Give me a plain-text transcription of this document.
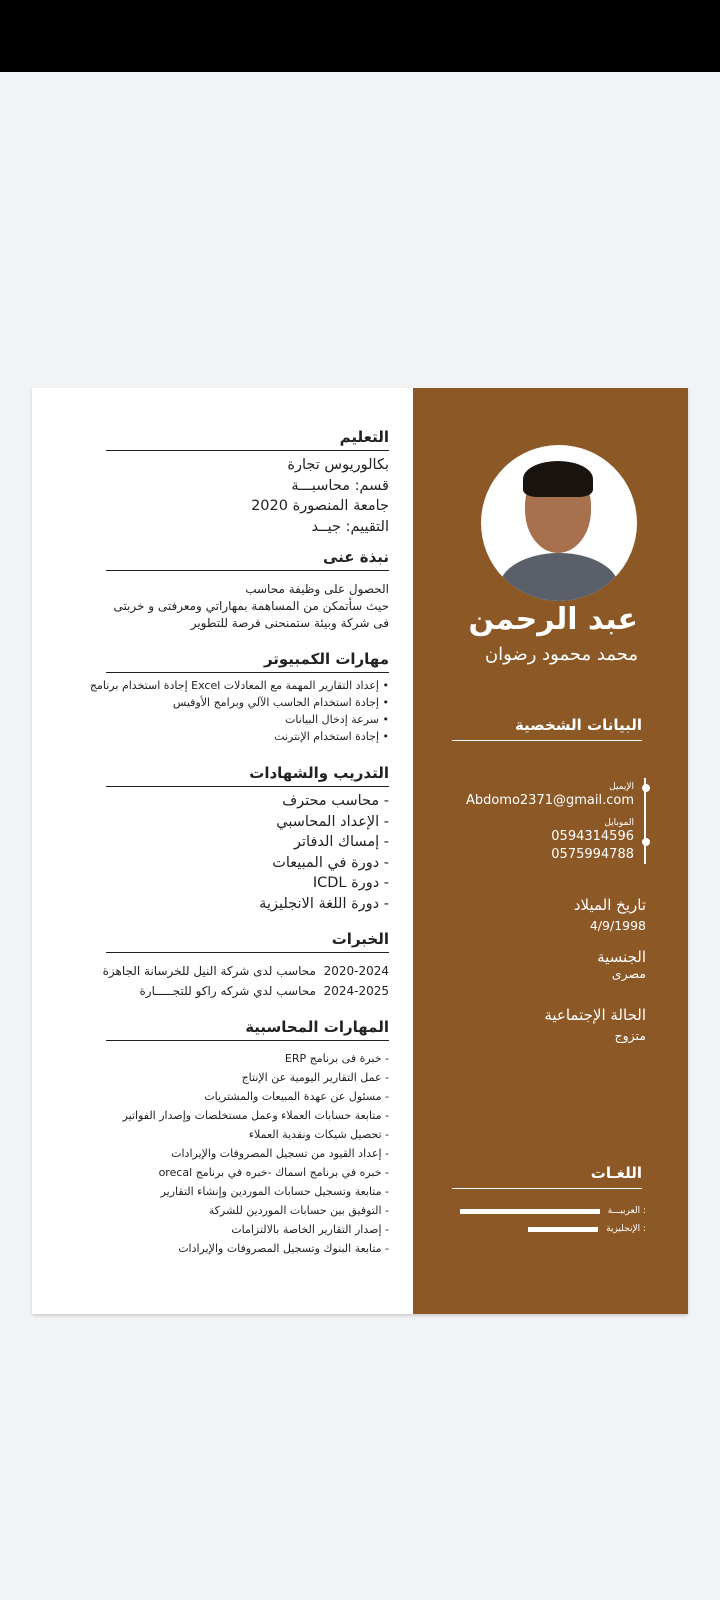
التعليم
بكالوريوس تجارة
قسم: محاسبـــة
جامعة المنصورة 2020
التقييم: جيــد
نبذة عنى
الحصول على وظيفة محاسب
حيث سأتمكن من المساهمة بمهاراتي ومعرفتى و خربتى
فى شركة وبيئة ستمنحنى فرصة للتطوير
مهارات الكمبيوتر
• إعداد التقارير المهمة مع المعادلات Excel إجادة استخدام برنامج
• إجادة استخدام الحاسب الآلي وبرامج الأوفيس
• سرعة إدخال البيانات
• إجادة استخدام الإنترنت
التدريب والشهادات
- محاسب محترف
- الإعداد المحاسبي
- إمساك الدفاتر
- دورة في المبيعات
- دورة ICDL
- دورة اللغة الانجليزية
الخبرات
2020-2024  محاسب لدى شركة النيل للخرسانة الجاهزة
2024-2025  محاسب لدي شركه راكو للتجـــــارة
المهارات المحاسبية
- خبرة فى برنامج ERP
- عمل التقارير اليومية عن الإنتاج
- مسئول عن عهدة المبيعات والمشتريات
- متابعة حسابات العملاء وعمل مستخلصات وإصدار الفواتير
- تحصيل شيكات ونقدية العملاء
- إعداد القيود من تسجيل المصروفات والإيرادات
- خبره في برنامج اسماك -خبره في برنامج orecal
- متابعة وتسجيل حسابات الموردين وإنشاء التقارير
- التوفيق بين حسابات الموردين للشركة
- إصدار التقارير الخاصة بالالتزامات
- متابعة البنوك وتسجيل المصروفات والإيرادات
عبد الرحمن
محمد محمود رضوان
البيانات الشخصية
الإيميل
Abdomo2371@gmail.com
الموبايل
0594314596
0575994788
تاريخ الميلاد
4/9/1998
الجنسية
مصرى
الحالة الإجتماعية
متزوج
اللغـات
العربيـــة :
الإنجليزية :
